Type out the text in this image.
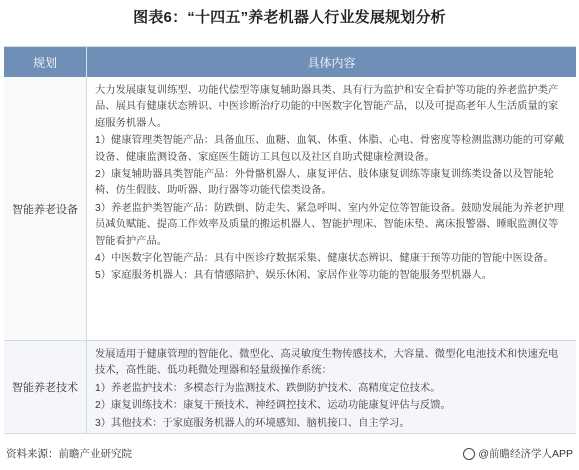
图表6：“十四五”养老机器人行业发展规划分析
规划	具体内容
智能养老设备

大力发展康复训练型、功能代偿型等康复辅助器具类、具有行为监护和安全看护等功能的养老监护类产品、展具有健康状态辨识、中医诊断治疗功能的中医数字化智能产品，以及可提高老年人生活质量的家庭服务机器人。

1）健康管理类智能产品：具备血压、血糖、血氧、体重、体脂、心电、骨密度等检测监测功能的可穿戴设备、健康监测设备、家庭医生随访工具包以及社区自助式健康检测设备。

2）康复辅助器具类智能产品：外骨骼机器人、康复评估、肢体康复训练等康复训练类设备以及智能轮椅、仿生假肢、助听器、助行器等功能代偿类设备。

3）养老监护类智能产品：防跌倒、防走失、紧急呼叫、室内外定位等智能设备。鼓励发展能为养老护理员减负赋能、提高工作效率及质量的搬运机器人、智能护理床、智能床垫、离床报警器、睡眠监测仪等智能看护产品。

4）中医数字化智能产品：具有中医诊疗数据采集、健康状态辨识、健康干预等功能的智能中医设备。

5）家庭服务机器人：具有情感陪护、娱乐休闲、家居作业等功能的智能服务型机器人。

智能养老技术

发展适用于健康管理的智能化、微型化、高灵敏度生物传感技术，大容量、微型化电池技术和快速充电技术，高性能、低功耗微处理器和轻量级操作系统：

1）养老监护技术：多模态行为监测技术、跌倒防护技术、高精度定位技术。

2）康复训练技术：康复干预技术、神经调控技术、运动功能康复评估与反馈。

3）其他技术：于家庭服务机器人的环境感知、脑机接口、自主学习。

资料来源：前瞻产业研究院	@前瞻经济学人APP
